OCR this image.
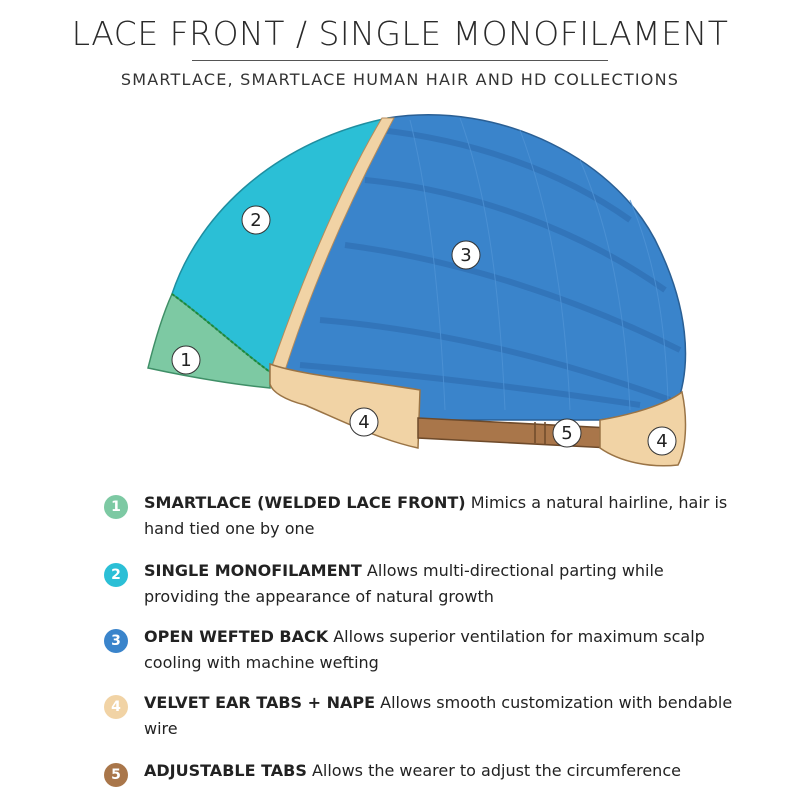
LACE FRONT / SINGLE MONOFILAMENT
SMARTLACE, SMARTLACE HUMAN HAIR AND HD COLLECTIONS
1
2
3
4
5	4
1	SMARTLACE (WELDED LACE FRONT) Mimics a natural hairline, hair is hand tied one by one
2	SINGLE MONOFILAMENT Allows multi-directional parting while providing the appearance of natural growth
3	OPEN WEFTED BACK Allows superior ventilation for maximum scalp cooling with machine wefting
4	VELVET EAR TABS + NAPE Allows smooth customization with bendable wire
5	ADJUSTABLE TABS Allows the wearer to adjust the circumference
